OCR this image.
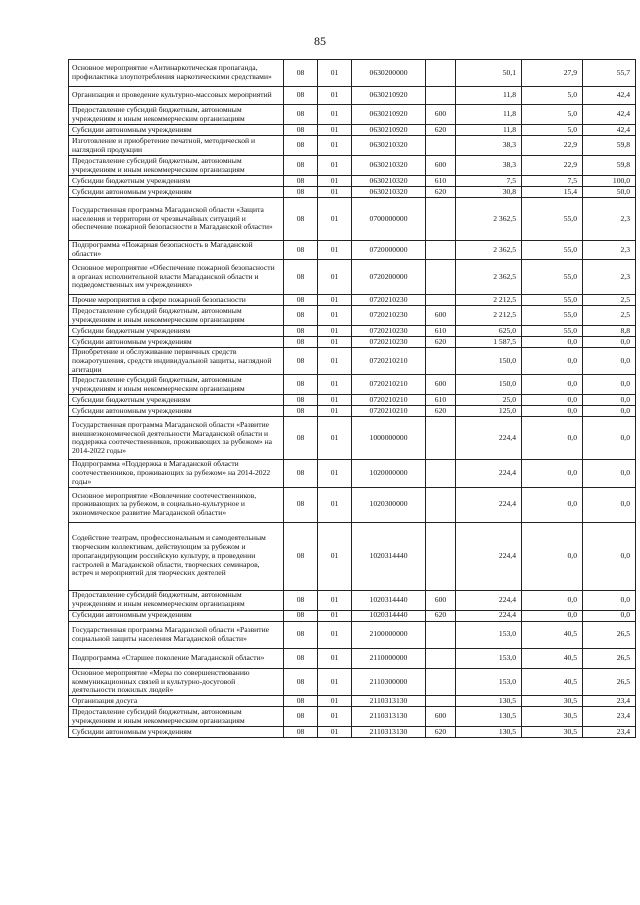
85
Основное мероприятие «Антинаркотическая пропаганда, профилактика злоупотребления наркотическими средствами»	08	01	0630200000		50,1	27,9	55,7
Организация и проведение культурно-массовых мероприятий	08	01	0630210920		11,8	5,0	42,4
Предоставление субсидий бюджетным, автономным учреждениям и иным некоммерческим организациям	08	01	0630210920	600	11,8	5,0	42,4
Субсидии автономным учреждениям	08	01	0630210920	620	11,8	5,0	42,4
Изготовление и приобретение печатной, методической и наглядной продукции	08	01	0630210320		38,3	22,9	59,8
Предоставление субсидий бюджетным, автономным учреждениям и иным некоммерческим организациям	08	01	0630210320	600	38,3	22,9	59,8
Субсидии бюджетным учреждениям	08	01	0630210320	610	7,5	7,5	100,0
Субсидии автономным учреждениям	08	01	0630210320	620	30,8	15,4	50,0
Государственная программа Магаданской области «Защита населения и территории от чрезвычайных ситуаций и обеспечение пожарной безопасности в Магаданской области»	08	01	0700000000		2 362,5	55,0	2,3
Подпрограмма «Пожарная безопасность в Магаданской области»	08	01	0720000000		2 362,5	55,0	2,3
Основное мероприятие «Обеспечение пожарной безопасности в органах исполнительной власти Магаданской области и подведомственных им учреждениях»	08	01	0720200000		2 362,5	55,0	2,3
Прочие мероприятия в сфере пожарной безопасности	08	01	0720210230		2 212,5	55,0	2,5
Предоставление субсидий бюджетным, автономным учреждениям и иным некоммерческим организациям	08	01	0720210230	600	2 212,5	55,0	2,5
Субсидии бюджетным учреждениям	08	01	0720210230	610	625,0	55,0	8,8
Субсидии автономным учреждениям	08	01	0720210230	620	1 587,5	0,0	0,0
Приобретение и обслуживание первичных средств пожаротушения, средств индивидуальной защиты, наглядной агитации	08	01	0720210210		150,0	0,0	0,0
Предоставление субсидий бюджетным, автономным учреждениям и иным некоммерческим организациям	08	01	0720210210	600	150,0	0,0	0,0
Субсидии бюджетным учреждениям	08	01	0720210210	610	25,0	0,0	0,0
Субсидии автономным учреждениям	08	01	0720210210	620	125,0	0,0	0,0
Государственная программа Магаданской области «Развитие внешнеэкономической деятельности Магаданской области и поддержка соотечественников, проживающих за рубежом» на 2014-2022 годы»	08	01	1000000000		224,4	0,0	0,0
Подпрограмма «Поддержка в Магаданской области соотечественников, проживающих за рубежом» на 2014-2022 годы»	08	01	1020000000		224,4	0,0	0,0
Основное мероприятие «Вовлечение соотечественников, проживающих за рубежом, в социально-культурное и экономическое развитие Магаданской области»	08	01	1020300000		224,4	0,0	0,0
Содействие театрам, профессиональным и самодеятельным творческим коллективам, действующим за рубежом и пропагандирующим российскую культуру, в проведении гастролей в Магаданской области, творческих семинаров, встреч и мероприятий для творческих деятелей	08	01	1020314440		224,4	0,0	0,0
Предоставление субсидий бюджетным, автономным учреждениям и иным некоммерческим организациям	08	01	1020314440	600	224,4	0,0	0,0
Субсидии автономным учреждениям	08	01	1020314440	620	224,4	0,0	0,0
Государственная программа Магаданской области «Развитие социальной защиты населения Магаданской области»	08	01	2100000000		153,0	40,5	26,5
Подпрограмма «Старшее поколение Магаданской области»	08	01	2110000000		153,0	40,5	26,5
Основное мероприятие «Меры по совершенствованию коммуникационных связей и культурно-досуговой деятельности пожилых людей»	08	01	2110300000		153,0	40,5	26,5
Организация досуга	08	01	2110313130		130,5	30,5	23,4
Предоставление субсидий бюджетным, автономным учреждениям и иным некоммерческим организациям	08	01	2110313130	600	130,5	30,5	23,4
Субсидии автономным учреждениям	08	01	2110313130	620	130,5	30,5	23,4
